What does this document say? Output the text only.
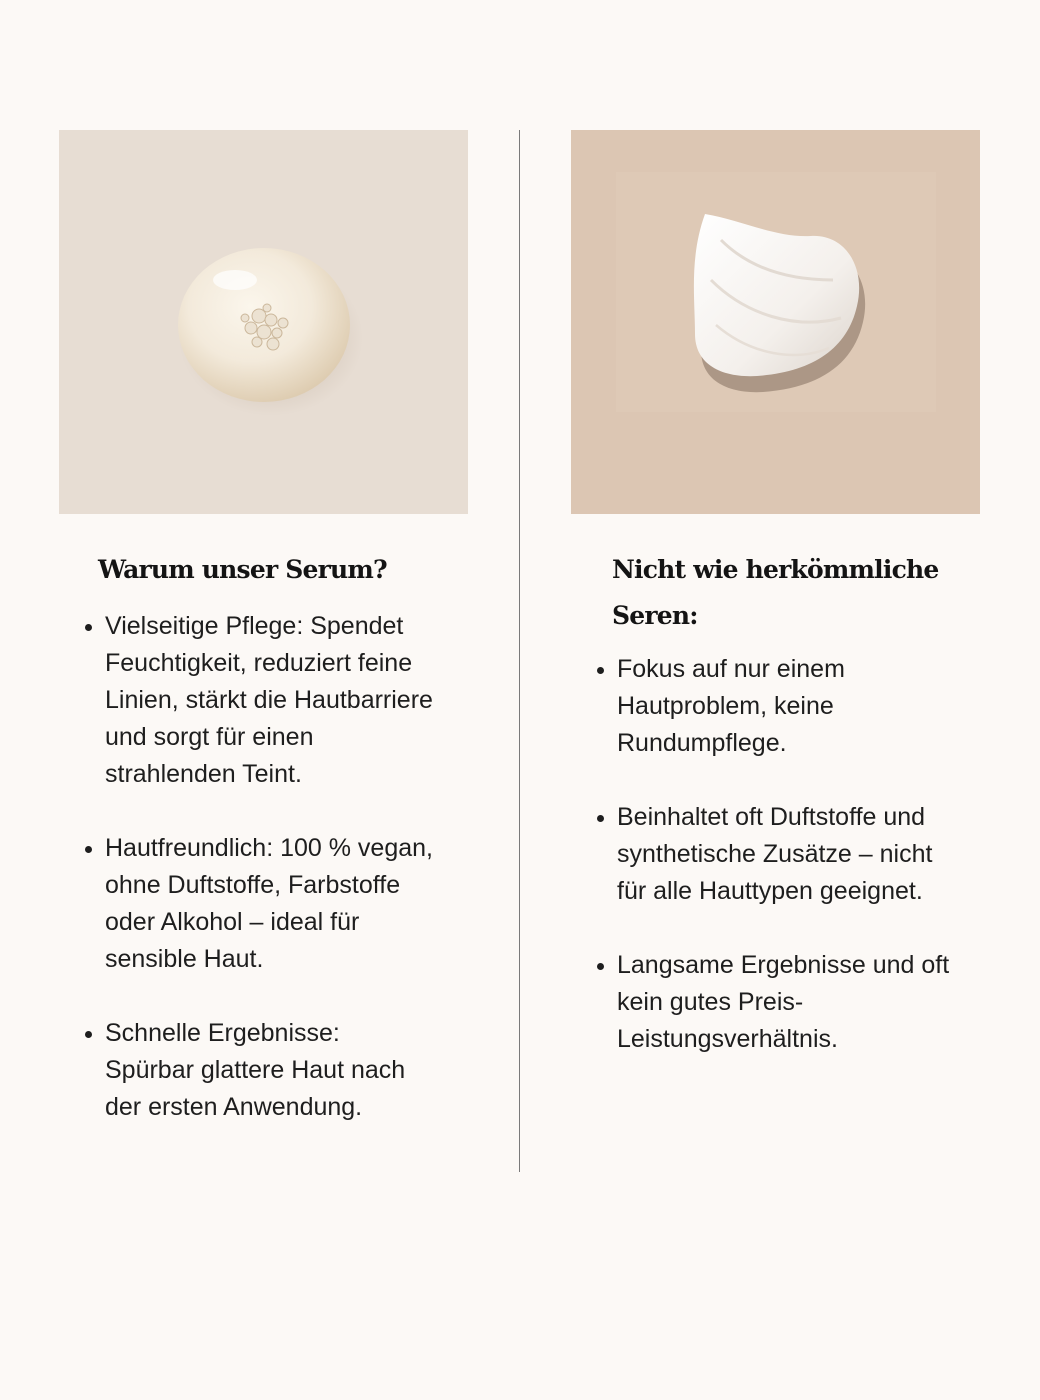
Warum unser Serum?
Vielseitige Pflege: Spendet Feuchtigkeit, reduziert feine Linien, stärkt die Hautbarriere und sorgt für einen strahlenden Teint.
Hautfreundlich: 100 % vegan, ohne Duftstoffe, Farbstoffe oder Alkohol – ideal für sensible Haut.
Schnelle Ergebnisse: Spürbar glattere Haut nach der ersten Anwendung.
Nicht wie herkömmliche Seren:
Fokus auf nur einem Hautproblem, keine Rundumpflege.
Beinhaltet oft Duftstoffe und synthetische Zusätze – nicht für alle Hauttypen geeignet.
Langsame Ergebnisse und oft kein gutes Preis-Leistungsverhältnis.
